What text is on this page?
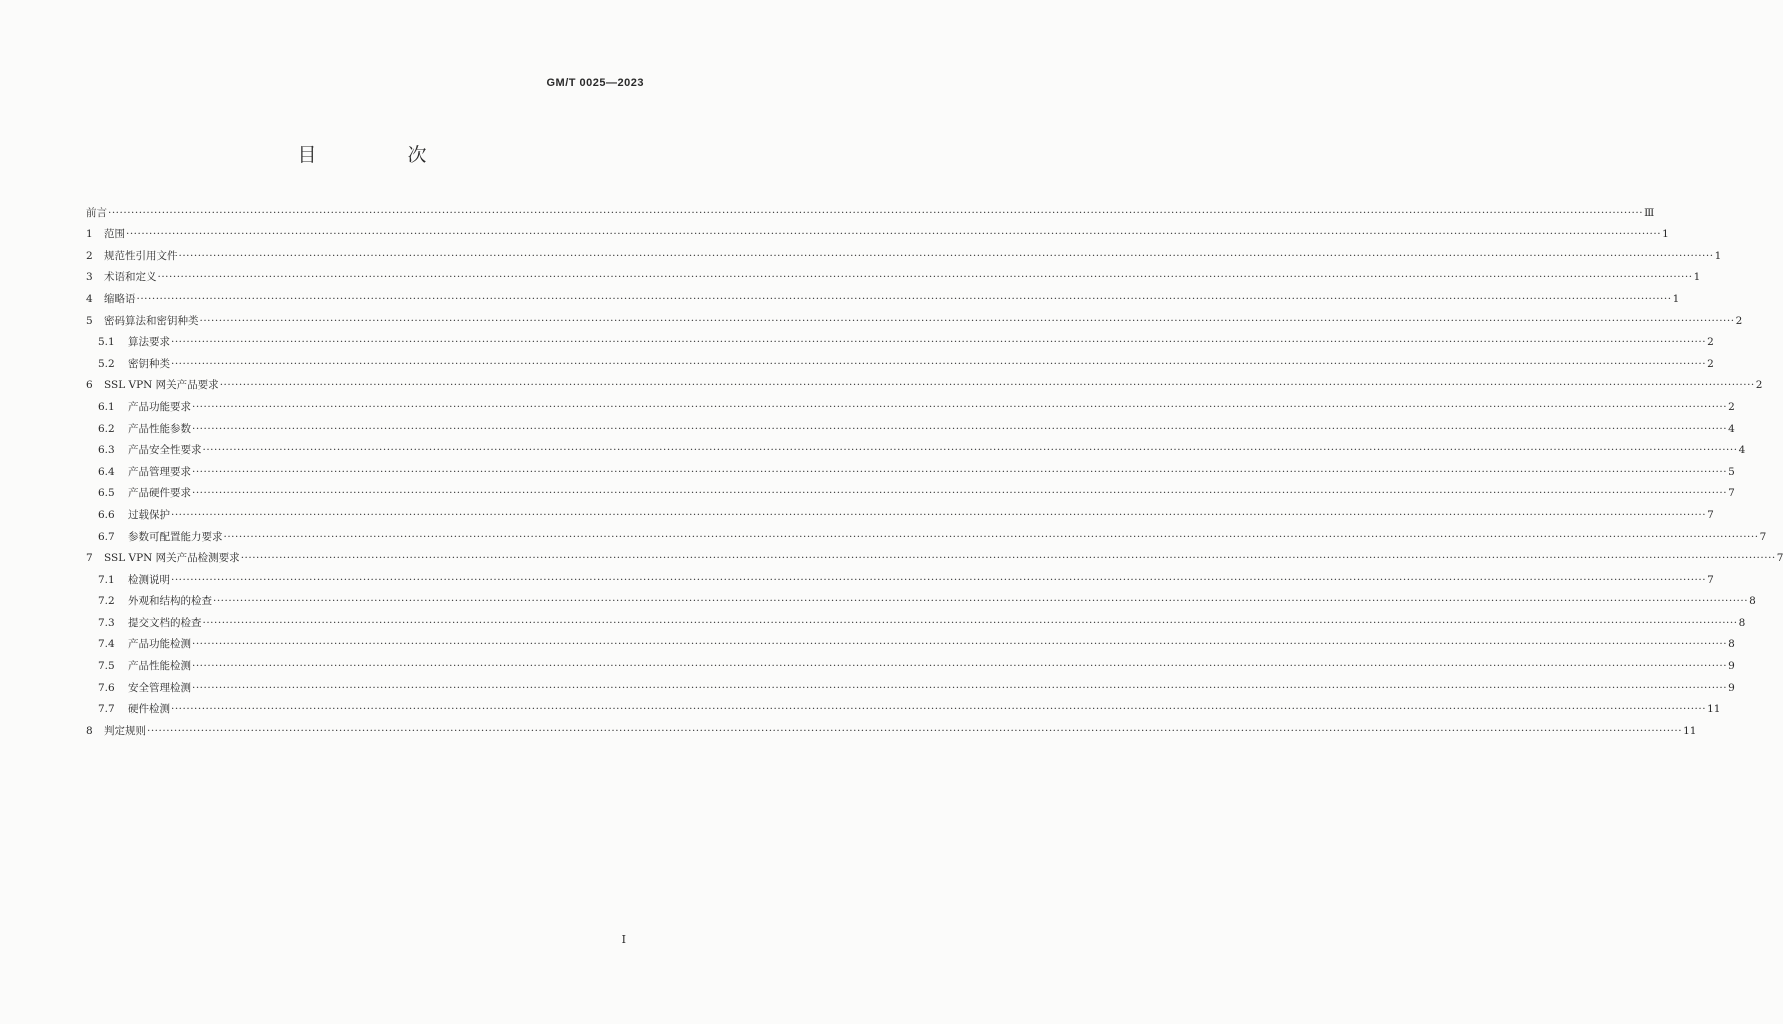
GM/T 0025—2023
目　次
前言 ················································································································································································································································································································································································································ Ⅲ
1	范围 ················································································································································································································································································································································································································ 1
2	规范性引用文件 ················································································································································································································································································································································································································ 1
3	术语和定义 ················································································································································································································································································································································································································ 1
4	缩略语 ················································································································································································································································································································································································································ 1
5	密码算法和密钥种类 ················································································································································································································································································································································································································ 2
5.1	算法要求 ················································································································································································································································································································································································································ 2
5.2	密钥种类 ················································································································································································································································································································································································································ 2
6	SSL VPN 网关产品要求 ················································································································································································································································································································································································································ 2
6.1	产品功能要求 ················································································································································································································································································································································································································ 2
6.2	产品性能参数 ················································································································································································································································································································································································································ 4
6.3	产品安全性要求 ················································································································································································································································································································································································································ 4
6.4	产品管理要求 ················································································································································································································································································································································································································ 5
6.5	产品硬件要求 ················································································································································································································································································································································································································ 7
6.6	过载保护 ················································································································································································································································································································································································································ 7
6.7	参数可配置能力要求 ················································································································································································································································································································································································································ 7
7	SSL VPN 网关产品检测要求 ················································································································································································································································································································································································································ 7
7.1	检测说明 ················································································································································································································································································································································································································ 7
7.2	外观和结构的检查 ················································································································································································································································································································································································································ 8
7.3	提交文档的检查 ················································································································································································································································································································································································································ 8
7.4	产品功能检测 ················································································································································································································································································································································································································ 8
7.5	产品性能检测 ················································································································································································································································································································································································································ 9
7.6	安全管理检测 ················································································································································································································································································································································································································ 9
7.7	硬件检测 ················································································································································································································································································································································································································ 11
8	判定规则 ················································································································································································································································································································································································································ 11
I
